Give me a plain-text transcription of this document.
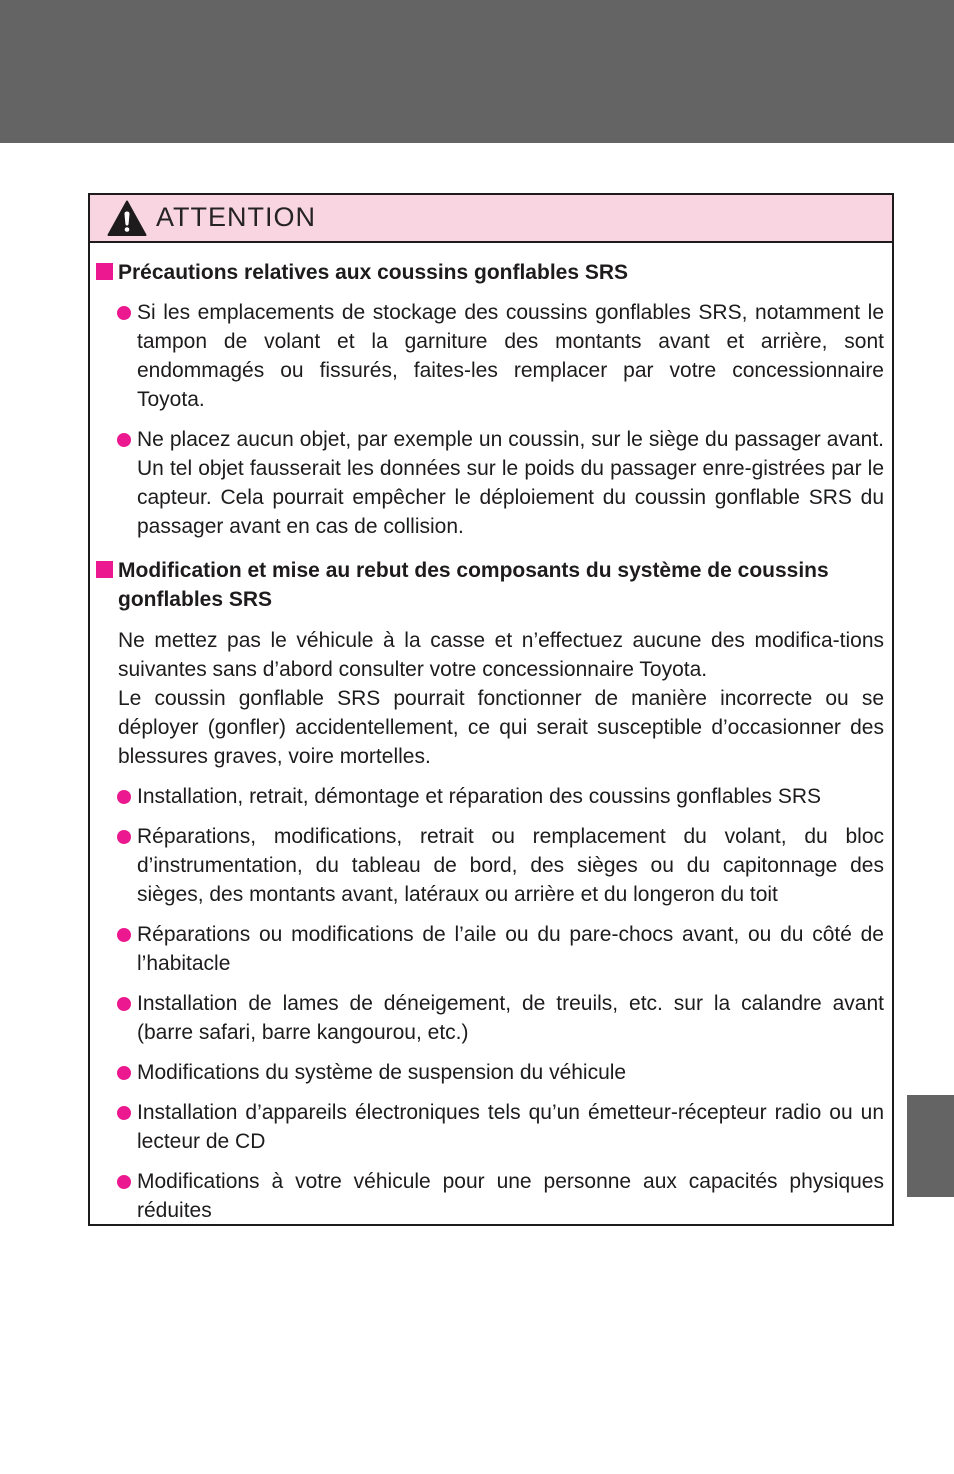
ATTENTION
Précautions relatives aux coussins gonflables SRS
Si les emplacements de stockage des coussins gonflables SRS, notamment le tampon de volant et la garniture des montants avant et arrière, sont endommagés ou fissurés, faites-les remplacer par votre concessionnaire Toyota.
Ne placez aucun objet, par exemple un coussin, sur le siège du passager avant. Un tel objet fausserait les données sur le poids du passager enre-gistrées par le capteur. Cela pourrait empêcher le déploiement du coussin gonflable SRS du passager avant en cas de collision.
Modification et mise au rebut des composants du système de coussins gonflables SRS
Ne mettez pas le véhicule à la casse et n’effectuez aucune des modifica-tions suivantes sans d’abord consulter votre concessionnaire Toyota.
Le coussin gonflable SRS pourrait fonctionner de manière incorrecte ou se déployer (gonfler) accidentellement, ce qui serait susceptible d’occasionner des blessures graves, voire mortelles.
Installation, retrait, démontage et réparation des coussins gonflables SRS
Réparations, modifications, retrait ou remplacement du volant, du bloc d’instrumentation, du tableau de bord, des sièges ou du capitonnage des sièges, des montants avant, latéraux ou arrière et du longeron du toit
Réparations ou modifications de l’aile ou du pare-chocs avant, ou du côté de l’habitacle
Installation de lames de déneigement, de treuils, etc. sur la calandre avant (barre safari, barre kangourou, etc.)
Modifications du système de suspension du véhicule
Installation d’appareils électroniques tels qu’un émetteur-récepteur radio ou un lecteur de CD
Modifications à votre véhicule pour une personne aux capacités physiques réduites
